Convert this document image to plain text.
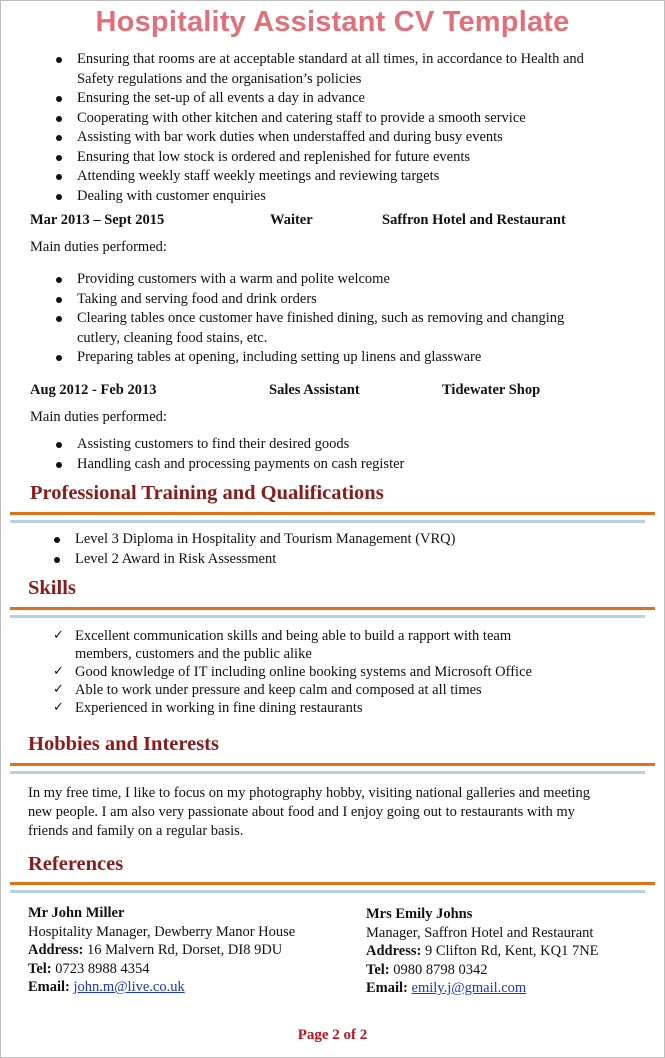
Hospitality Assistant CV Template
Ensuring that rooms are at acceptable standard at all times, in accordance to Health and Safety regulations and the organisation’s policies
Ensuring the set-up of all events a day in advance
Cooperating with other kitchen and catering staff to provide a smooth service
Assisting with bar work duties when understaffed and during busy events
Ensuring that low stock is ordered and replenished for future events
Attending weekly staff weekly meetings and reviewing targets
Dealing with customer enquiries
Mar 2013 – Sept 2015	Waiter	Saffron Hotel and Restaurant
Main duties performed:
Providing customers with a warm and polite welcome
Taking and serving food and drink orders
Clearing tables once customer have finished dining, such as removing and changing cutlery, cleaning food stains, etc.
Preparing tables at opening, including setting up linens and glassware
Aug 2012 - Feb 2013	Sales Assistant	Tidewater Shop
Main duties performed:
Assisting customers to find their desired goods
Handling cash and processing payments on cash register
Professional Training and Qualifications
Level 3 Diploma in Hospitality and Tourism Management (VRQ)
Level 2 Award in Risk Assessment
Skills
✓ Excellent communication skills and being able to build a rapport with team members, customers and the public alike
✓ Good knowledge of IT including online booking systems and Microsoft Office
✓ Able to work under pressure and keep calm and composed at all times
✓ Experienced in working in fine dining restaurants
Hobbies and Interests
In my free time, I like to focus on my photography hobby, visiting national galleries and meeting new people. I am also very passionate about food and I enjoy going out to restaurants with my friends and family on a regular basis.
References
Mr John Miller
Hospitality Manager, Dewberry Manor House
Address: 16 Malvern Rd, Dorset, DI8 9DU
Tel: 0723 8988 4354
Email: john.m@live.co.uk
Mrs Emily Johns
Manager, Saffron Hotel and Restaurant
Address: 9 Clifton Rd, Kent, KQ1 7NE
Tel: 0980 8798 0342
Email: emily.j@gmail.com
Page 2 of 2
